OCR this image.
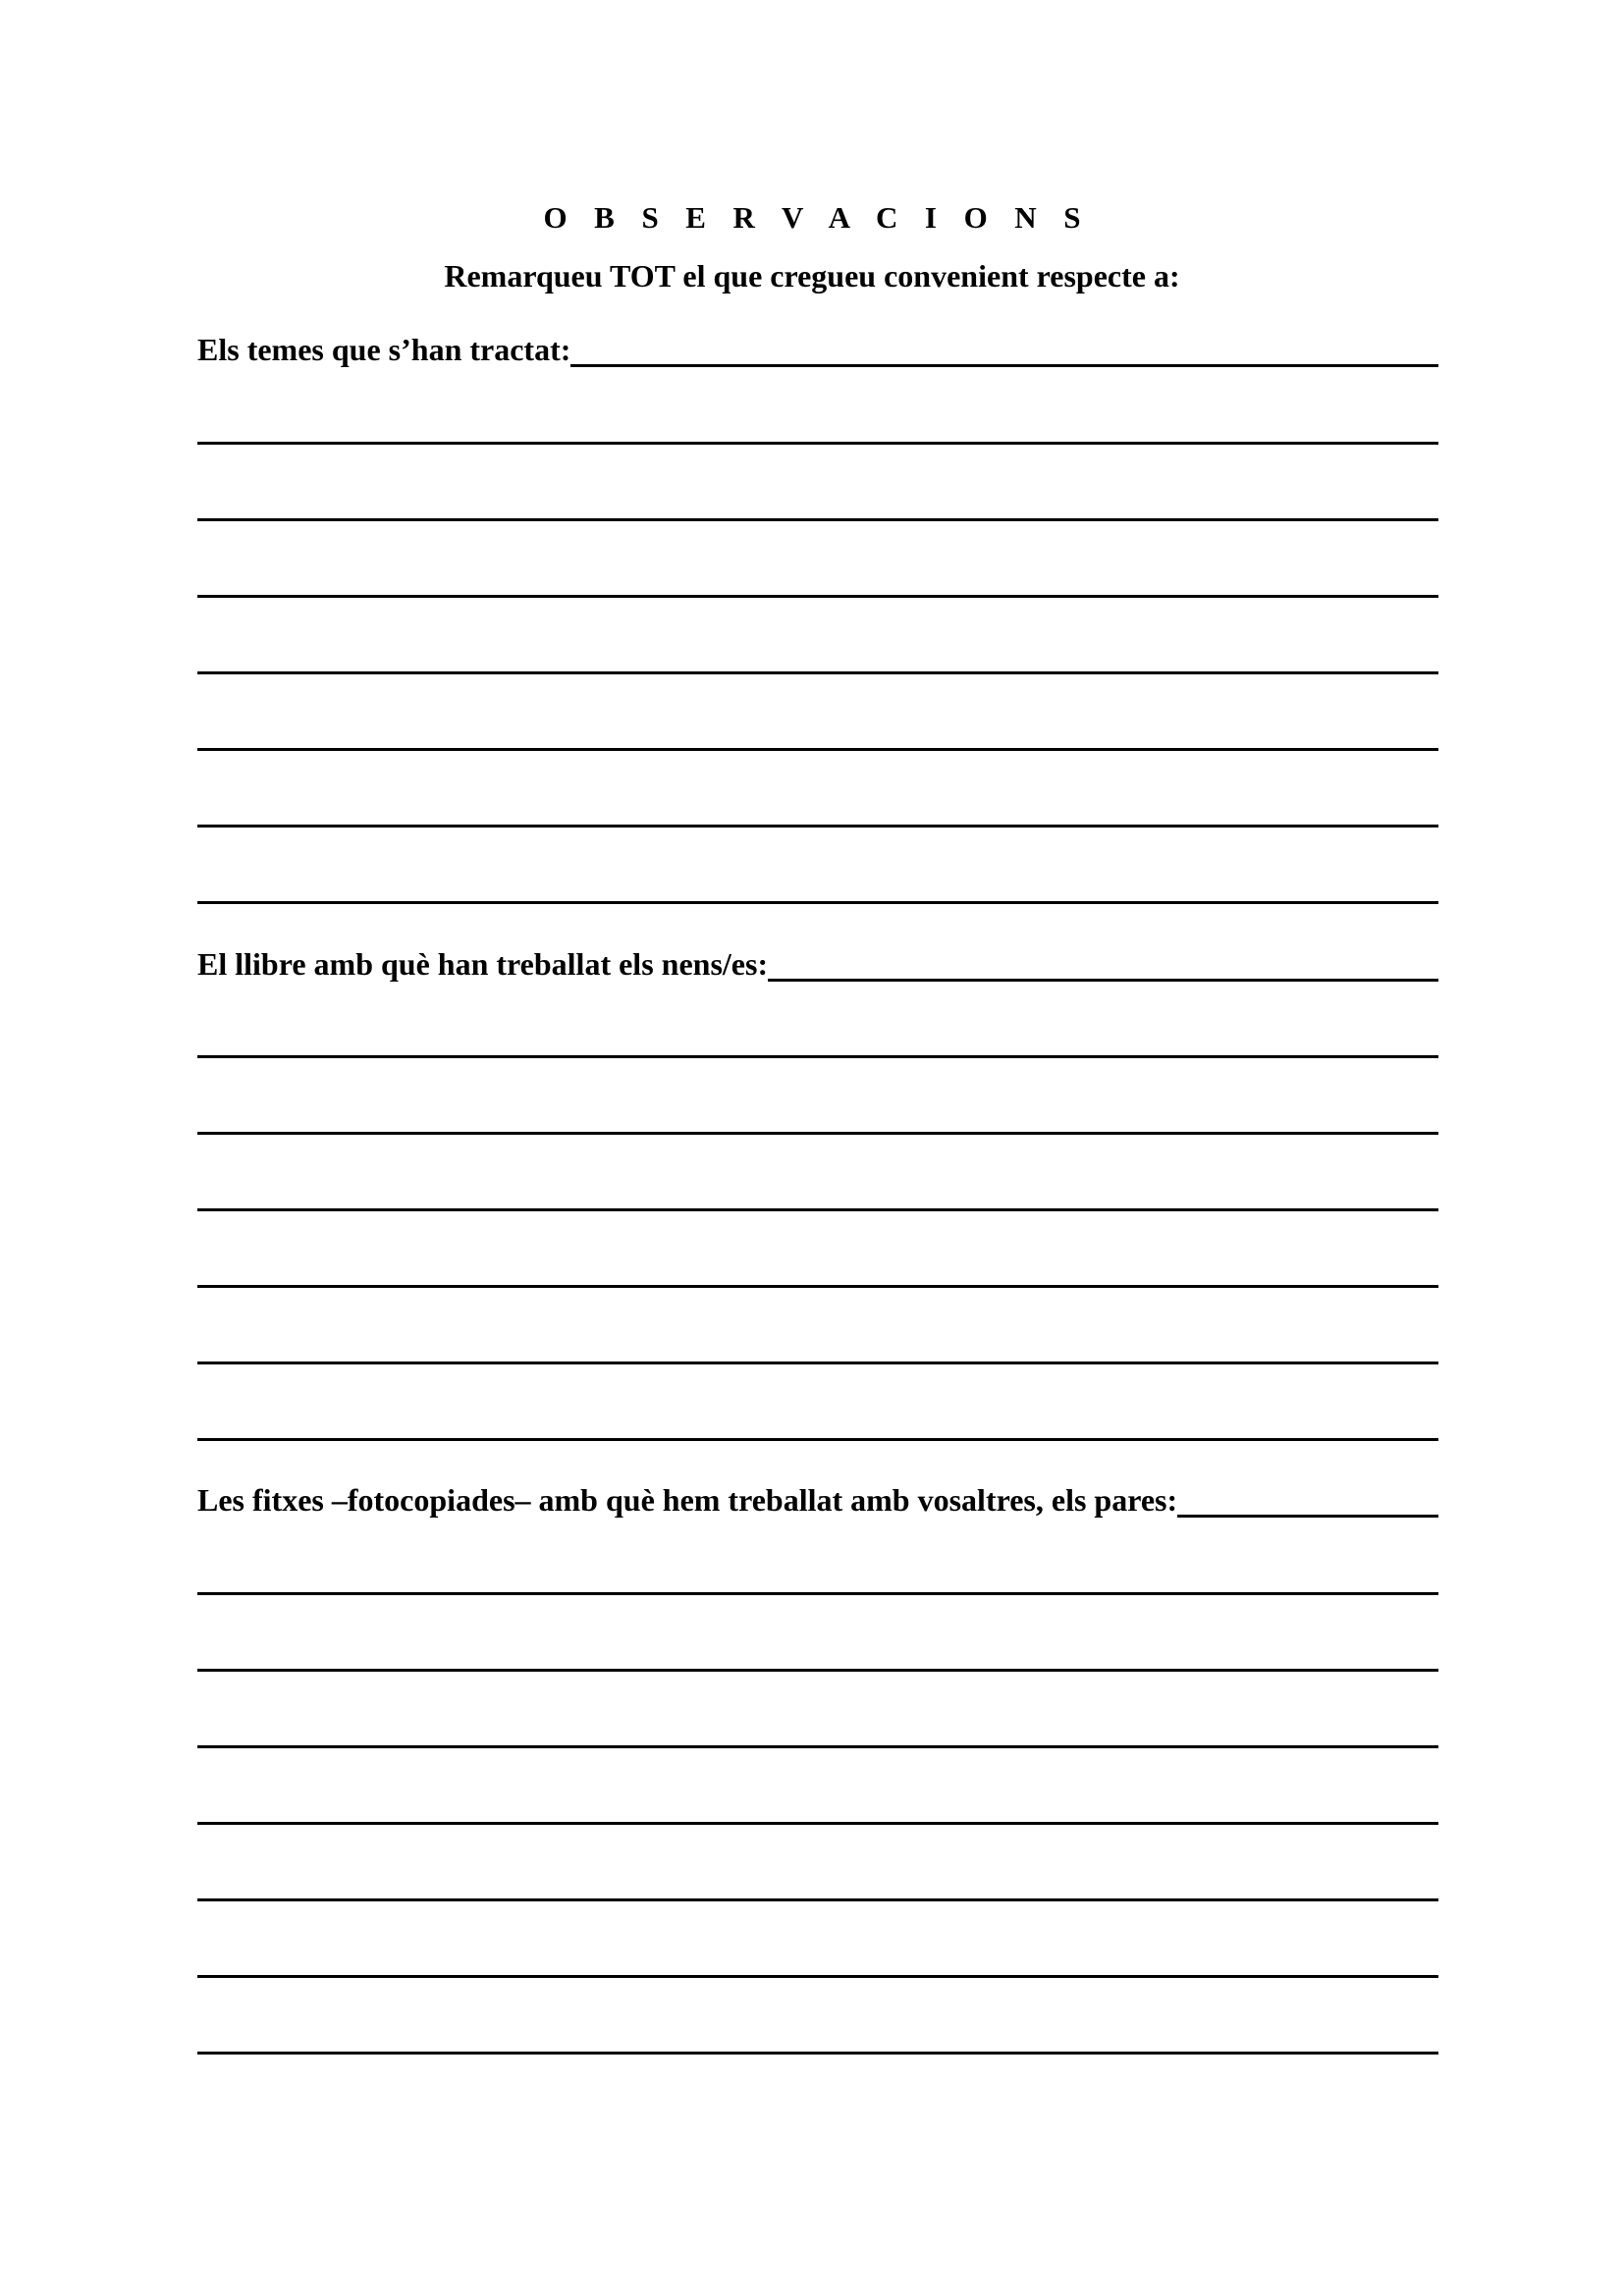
O B S E R V A C I O N S
Remarqueu TOT el que cregueu convenient respecte a:
Els temes que s’han tractat:
El llibre amb què han treballat els nens/es:
Les fitxes –fotocopiades– amb què hem treballat amb vosaltres, els pares:
